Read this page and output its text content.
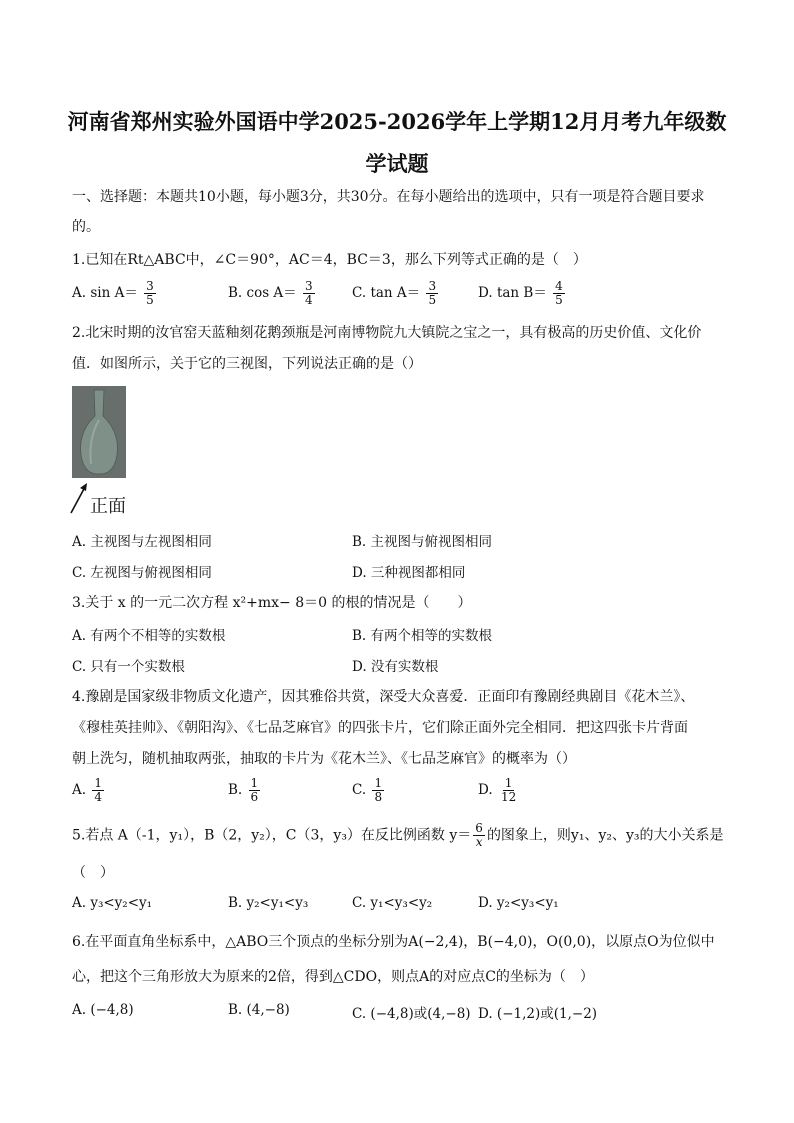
河南省郑州实验外国语中学2025-2026学年上学期12月月考九年级数
学试题
一、选择题：本题共10小题，每小题3分，共30分。在每小题给出的选项中，只有一项是符合题目要求
的。
1.已知在Rt△ABC中，∠C＝90°，AC＝4，BC＝3，那么下列等式正确的是（　）
A. $\sin A= \frac{3}{5}$	B. $\cos A= \frac{3}{4}$	C. $\tan A= \frac{3}{5}$	D. $\tan B= \frac{4}{5}$
2.北宋时期的汝官窑天蓝釉刻花鹅颈瓶是河南博物院九大镇院之宝之一，具有极高的历史价值、文化价
值．如图所示，关于它的三视图，下列说法正确的是（）
正面
A. 主视图与左视图相同	B. 主视图与俯视图相同
C. 左视图与俯视图相同	D. 三种视图都相同
3.关于 x 的一元二次方程 x²+mx− 8＝0 的根的情况是（　　）
A. 有两个不相等的实数根	B. 有两个相等的实数根
C. 只有一个实数根	D. 没有实数根
4.豫剧是国家级非物质文化遗产，因其雅俗共赏，深受大众喜爱．正面印有豫剧经典剧目《花木兰》、
《穆桂英挂帅》、《朝阳沟》、《七品芝麻官》的四张卡片，它们除正面外完全相同．把这四张卡片背面
朝上洗匀，随机抽取两张，抽取的卡片为《花木兰》、《七品芝麻官》的概率为（）
A. $\frac{1}{4}$	B. $\frac{1}{6}$	C. $\frac{1}{8}$	D. $\frac{1}{12}$
5.若点 A（-1，y₁），B（2，y₂），C（3，y₃）在反比例函数 $y= \frac{6}{x}$ 的图象上，则y₁、y₂、y₃的大小关系是
（　）
A. y₃<y₂<y₁	B. y₂<y₁<y₃	C. y₁<y₃<y₂	D. y₂<y₃<y₁
6.在平面直角坐标系中，△ABO三个顶点的坐标分别为A(−2,4)，B(−4,0)，O(0,0)，以原点O为位似中
心，把这个三角形放大为原来的2倍，得到△CDO，则点A的对应点C的坐标为（　）
A. (−4,8)	B. (4,−8)	C. (−4,8)或(4,−8) D. (−1,2)或(1,−2)
